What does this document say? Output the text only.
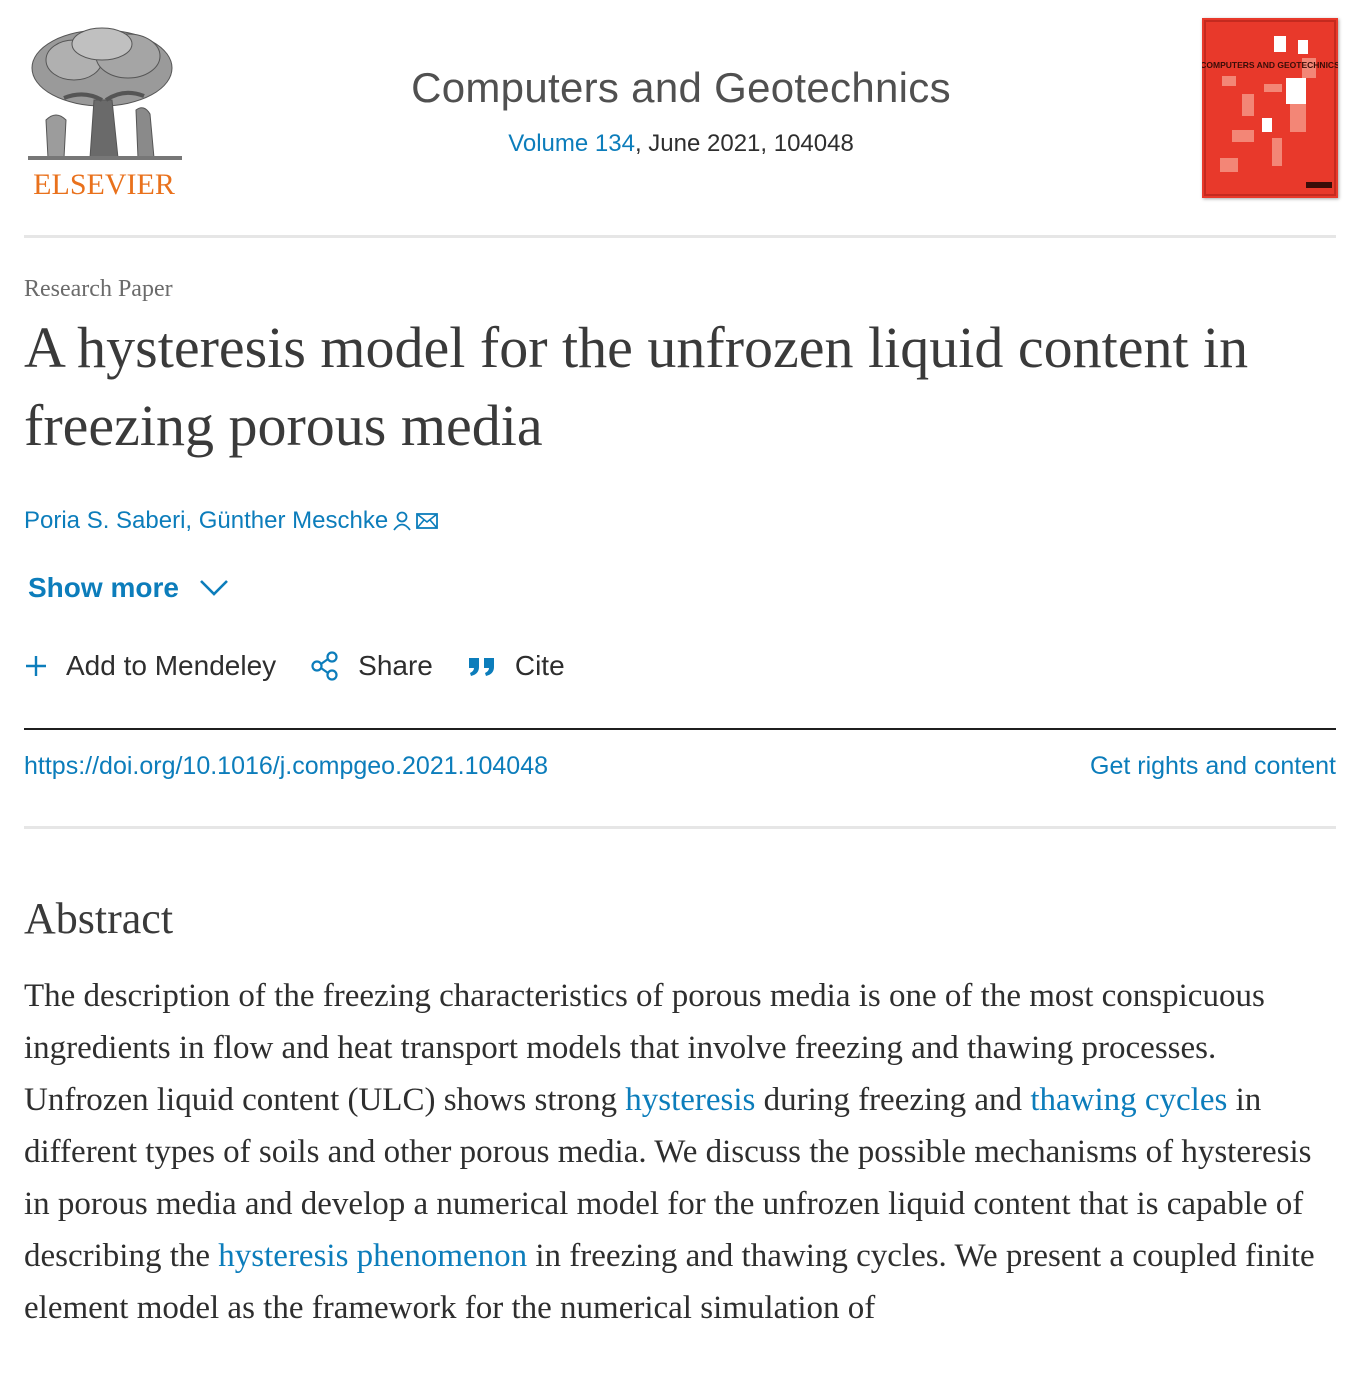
ELSEVIER
Computers and Geotechnics
Volume 134, June 2021, 104048
COMPUTERS AND GEOTECHNICS
Research Paper
A hysteresis model for the unfrozen liquid content in freezing porous media
Poria S. Saberi, Günther Meschke
Show more
Add to Mendeley	Share	Cite
https://doi.org/10.1016/j.compgeo.2021.104048	Get rights and content
Abstract

The description of the freezing characteristics of porous media is one of the most conspicuous ingredients in flow and heat transport models that involve freezing and thawing processes. Unfrozen liquid content (ULC) shows strong hysteresis during freezing and thawing cycles in different types of soils and other porous media. We discuss the possible mechanisms of hysteresis in porous media and develop a numerical model for the unfrozen liquid content that is capable of describing the hysteresis phenomenon in freezing and thawing cycles. We present a coupled finite element model as the framework for the numerical simulation of
